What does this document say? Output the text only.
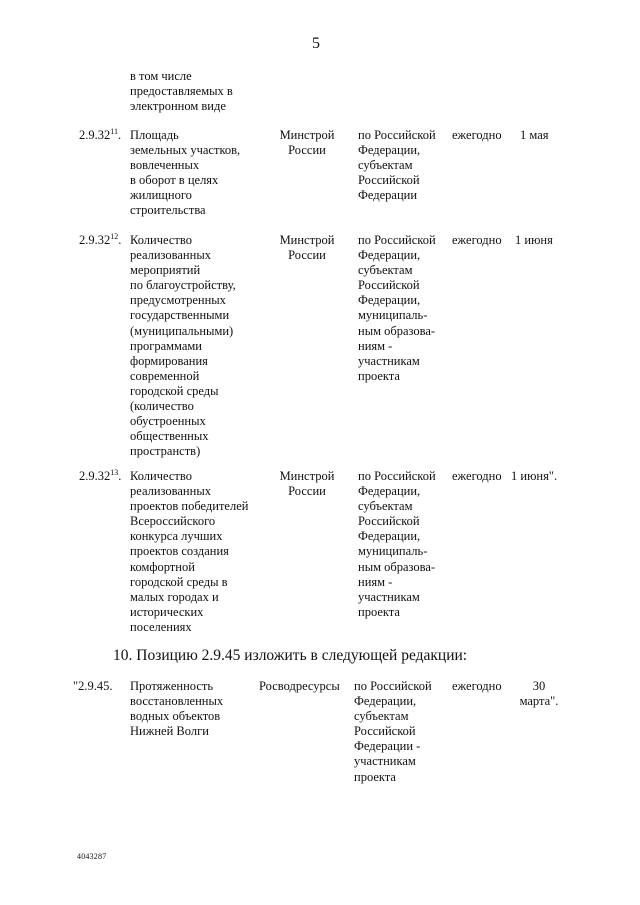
5
в том числе
предоставляемых в
электронном виде
2.9.32$^{11}$. Площадь
земельных участков,
вовлеченных
в оборот в целях
жилищного
строительства
Минстрой
России
по Российской
Федерации,
субъектам
Российской
Федерации
ежегодно 1 мая
2.9.32$^{12}$. Количество
реализованных
мероприятий
по благоустройству,
предусмотренных
государственными
(муниципальными)
программами
формирования
современной
городской среды
(количество
обустроенных
общественных
пространств)
Минстрой
России
по Российской
Федерации,
субъектам
Российской
Федерации,
муниципаль-
ным образова-
ниям -
участникам
проекта
ежегодно 1 июня
2.9.32$^{13}$. Количество
реализованных
проектов победителей
Всероссийского
конкурса лучших
проектов создания
комфортной
городской среды в
малых городах и
исторических
поселениях
Минстрой
России
по Российской
Федерации,
субъектам
Российской
Федерации,
муниципаль-
ным образова-
ниям -
участникам
проекта
ежегодно 1 июня".
10. Позицию 2.9.45 изложить в следующей редакции:
"2.9.45. Протяженность
восстановленных
водных объектов
Нижней Волги
Росводресурсы по Российской
Федерации,
субъектам
Российской
Федерации -
участникам
проекта
ежегодно	30
марта".
4043287
